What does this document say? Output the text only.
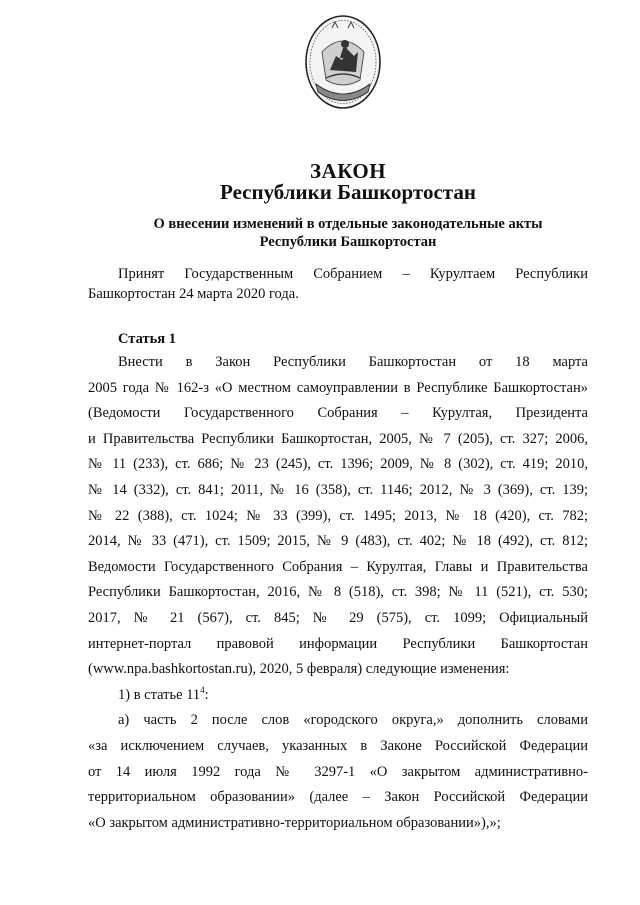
ЗАКОН
Республики Башкортостан
О внесении изменений в отдельные законодательные акты
Республики Башкортостан
Принят Государственным Собранием – Курултаем Республики
Башкортостан 24 марта 2020 года.
Статья 1
Внести в Закон Республики Башкортостан от 18 марта
2005 года № 162-з «О местном самоуправлении в Республике Башкортостан»
(Ведомости Государственного Собрания – Курултая, Президента
и Правительства Республики Башкортостан, 2005, № 7 (205), ст. 327; 2006,
№ 11 (233), ст. 686; № 23 (245), ст. 1396; 2009, № 8 (302), ст. 419; 2010,
№ 14 (332), ст. 841; 2011, № 16 (358), ст. 1146; 2012, № 3 (369), ст. 139;
№ 22 (388), ст. 1024; № 33 (399), ст. 1495; 2013, № 18 (420), ст. 782;
2014, № 33 (471), ст. 1509; 2015, № 9 (483), ст. 402; № 18 (492), ст. 812;
Ведомости Государственного Собрания – Курултая, Главы и Правительства
Республики Башкортостан, 2016, № 8 (518), ст. 398; № 11 (521), ст. 530;
2017, № 21 (567), ст. 845; № 29 (575), ст. 1099; Официальный
интернет-портал правовой информации Республики Башкортостан
(www.npa.bashkortostan.ru), 2020, 5 февраля) следующие изменения:
1) в статье $11^4$:
а) часть 2 после слов «городского округа,» дополнить словами
«за исключением случаев, указанных в Законе Российской Федерации
от 14 июля 1992 года № 3297-1 «О закрытом административно-
территориальном образовании» (далее – Закон Российской Федерации
«О закрытом административно-территориальном образовании»),»;
